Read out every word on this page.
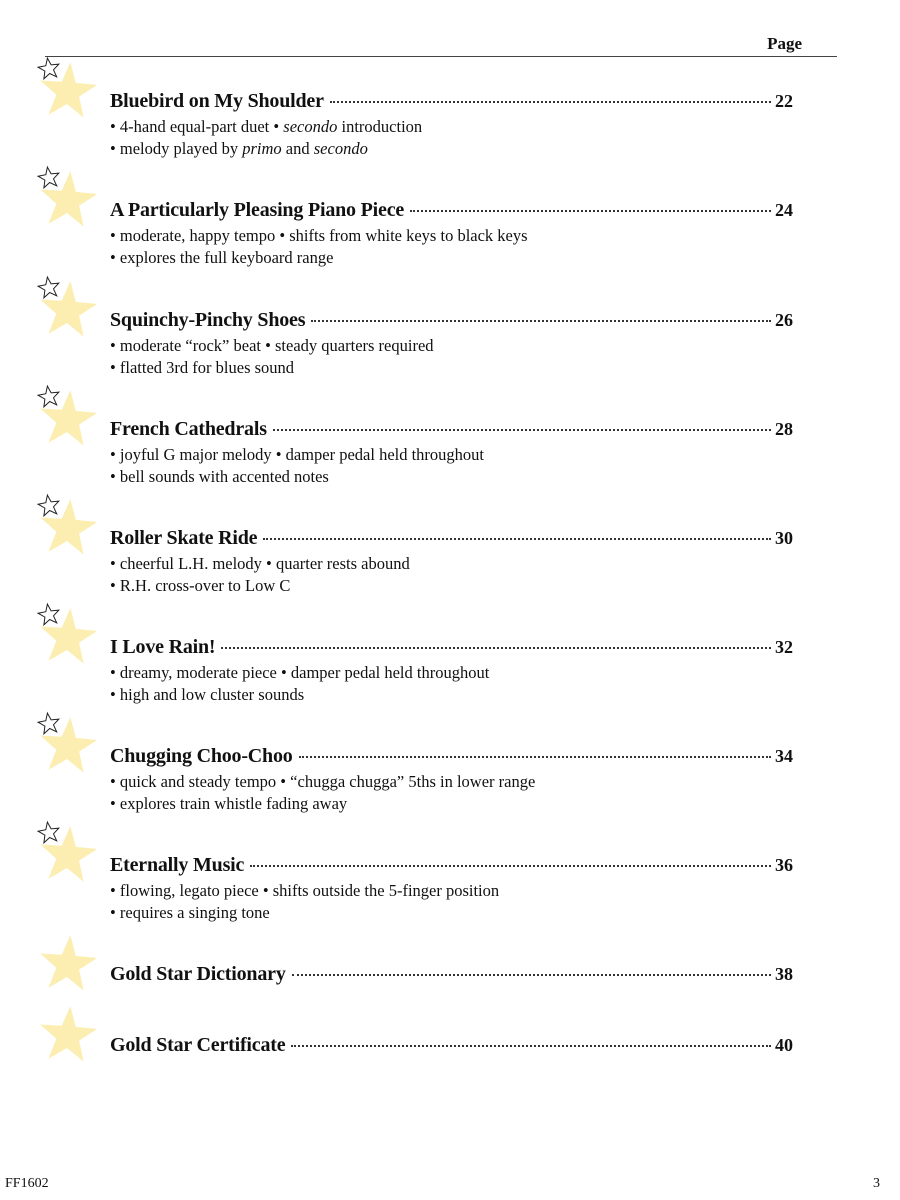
Page
Bluebird on My Shoulder	22
• 4-hand equal-part duet • secondo introduction
• melody played by primo and secondo
A Particularly Pleasing Piano Piece	24
• moderate, happy tempo • shifts from white keys to black keys
• explores the full keyboard range
Squinchy-Pinchy Shoes	26
• moderate “rock” beat • steady quarters required
• flatted 3rd for blues sound
French Cathedrals	28
• joyful G major melody • damper pedal held throughout
• bell sounds with accented notes
Roller Skate Ride	30
• cheerful L.H. melody • quarter rests abound
• R.H. cross-over to Low C
I Love Rain!	32
• dreamy, moderate piece • damper pedal held throughout
• high and low cluster sounds
Chugging Choo-Choo	34
• quick and steady tempo • “chugga chugga” 5ths in lower range
• explores train whistle fading away
Eternally Music	36
• flowing, legato piece • shifts outside the 5-finger position
• requires a singing tone
Gold Star Dictionary	38
Gold Star Certificate	40
FF1602	3
